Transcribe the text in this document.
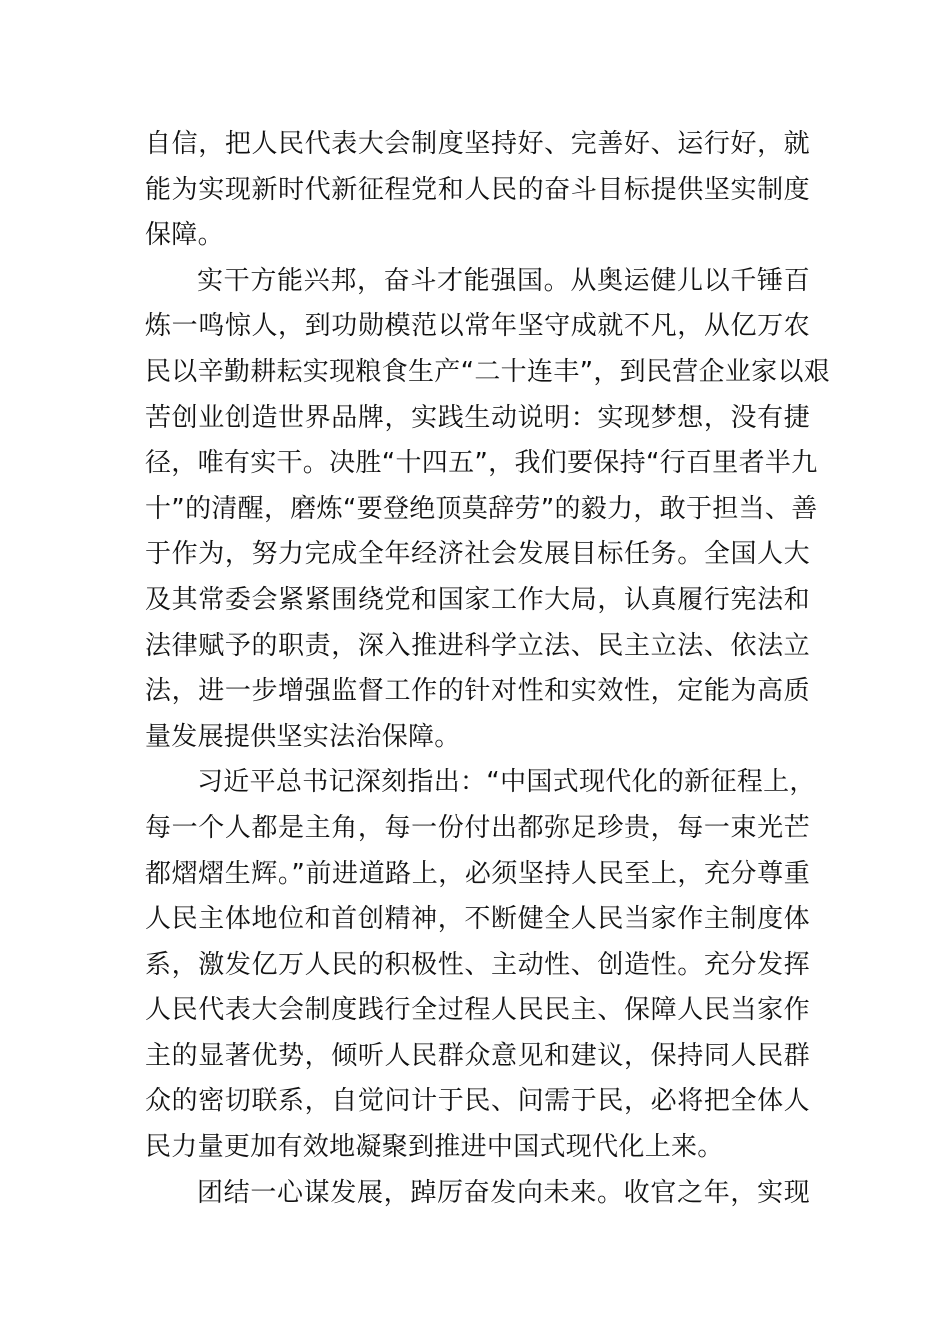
自信，把人民代表大会制度坚持好、完善好、运行好，就
能为实现新时代新征程党和人民的奋斗目标提供坚实制度
保障。
实干方能兴邦，奋斗才能强国。从奥运健儿以千锤百
炼一鸣惊人，到功勋模范以常年坚守成就不凡，从亿万农
民以辛勤耕耘实现粮食生产“二十连丰”，到民营企业家以艰
苦创业创造世界品牌，实践生动说明：实现梦想，没有捷
径，唯有实干。决胜“十四五”，我们要保持“行百里者半九
十”的清醒，磨炼“要登绝顶莫辞劳”的毅力，敢于担当、善
于作为，努力完成全年经济社会发展目标任务。全国人大
及其常委会紧紧围绕党和国家工作大局，认真履行宪法和
法律赋予的职责，深入推进科学立法、民主立法、依法立
法，进一步增强监督工作的针对性和实效性，定能为高质
量发展提供坚实法治保障。
习近平总书记深刻指出：“中国式现代化的新征程上，
每一个人都是主角，每一份付出都弥足珍贵，每一束光芒
都熠熠生辉。”前进道路上，必须坚持人民至上，充分尊重
人民主体地位和首创精神，不断健全人民当家作主制度体
系，激发亿万人民的积极性、主动性、创造性。充分发挥
人民代表大会制度践行全过程人民民主、保障人民当家作
主的显著优势，倾听人民群众意见和建议，保持同人民群
众的密切联系，自觉问计于民、问需于民，必将把全体人
民力量更加有效地凝聚到推进中国式现代化上来。
团结一心谋发展，踔厉奋发向未来。收官之年，实现
